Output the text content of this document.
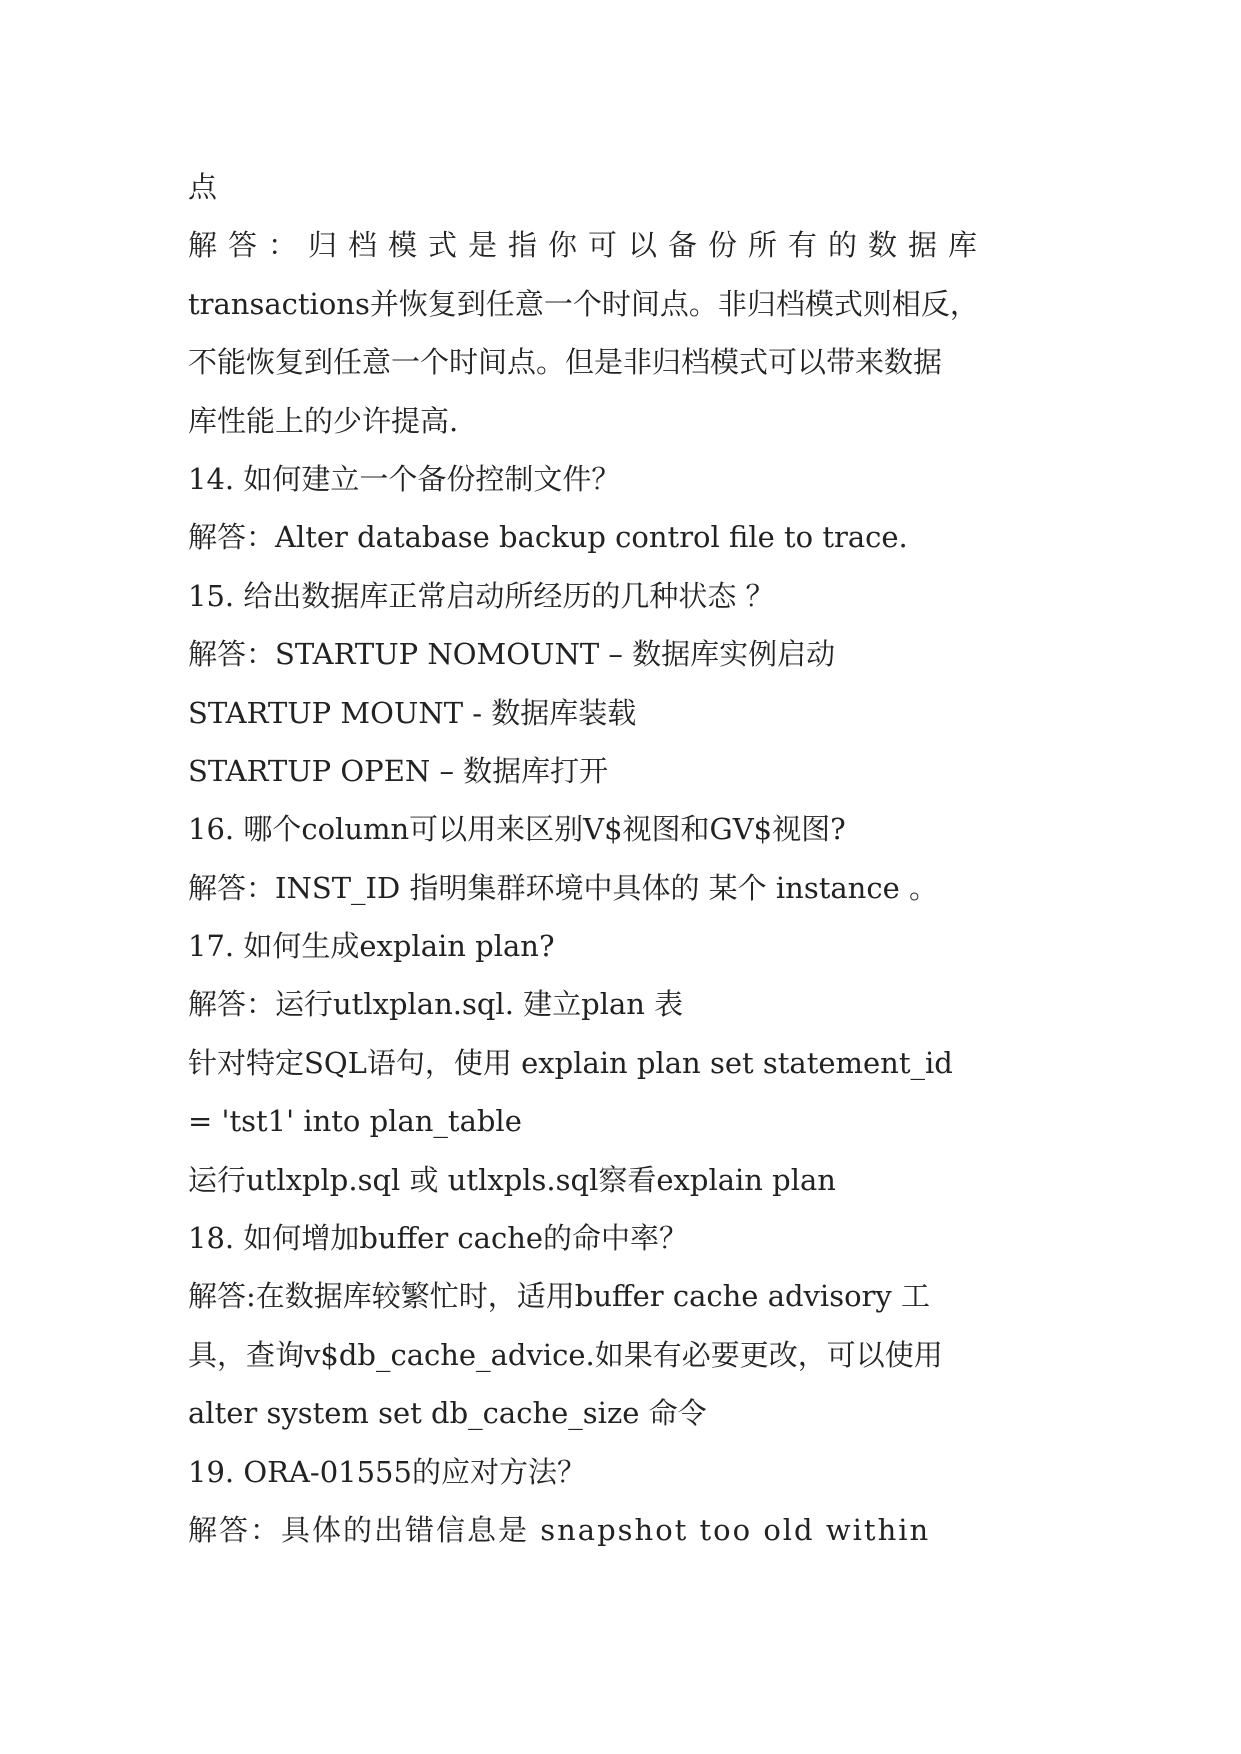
点
解答：归档模式是指你可以备份所有的数据库
transactions并恢复到任意一个时间点。非归档模式则相反，
不能恢复到任意一个时间点。但是非归档模式可以带来数据
库性能上的少许提高.
14. 如何建立一个备份控制文件？
解答：Alter database backup control file to trace.
15. 给出数据库正常启动所经历的几种状态 ？
解答：STARTUP NOMOUNT – 数据库实例启动
STARTUP MOUNT - 数据库装载
STARTUP OPEN – 数据库打开
16. 哪个column可以用来区别V$视图和GV$视图?
解答：INST_ID 指明集群环境中具体的 某个 instance 。
17. 如何生成explain plan?
解答：运行utlxplan.sql. 建立plan 表
针对特定SQL语句，使用 explain plan set statement_id
= 'tst1' into plan_table
运行utlxplp.sql 或 utlxpls.sql察看explain plan
18. 如何增加buffer cache的命中率？
解答:在数据库较繁忙时，适用buffer cache advisory 工
具，查询v$db_cache_advice.如果有必要更改，可以使用
alter system set db_cache_size 命令
19. ORA-01555的应对方法？
解答：具体的出错信息是 snapshot too old within
